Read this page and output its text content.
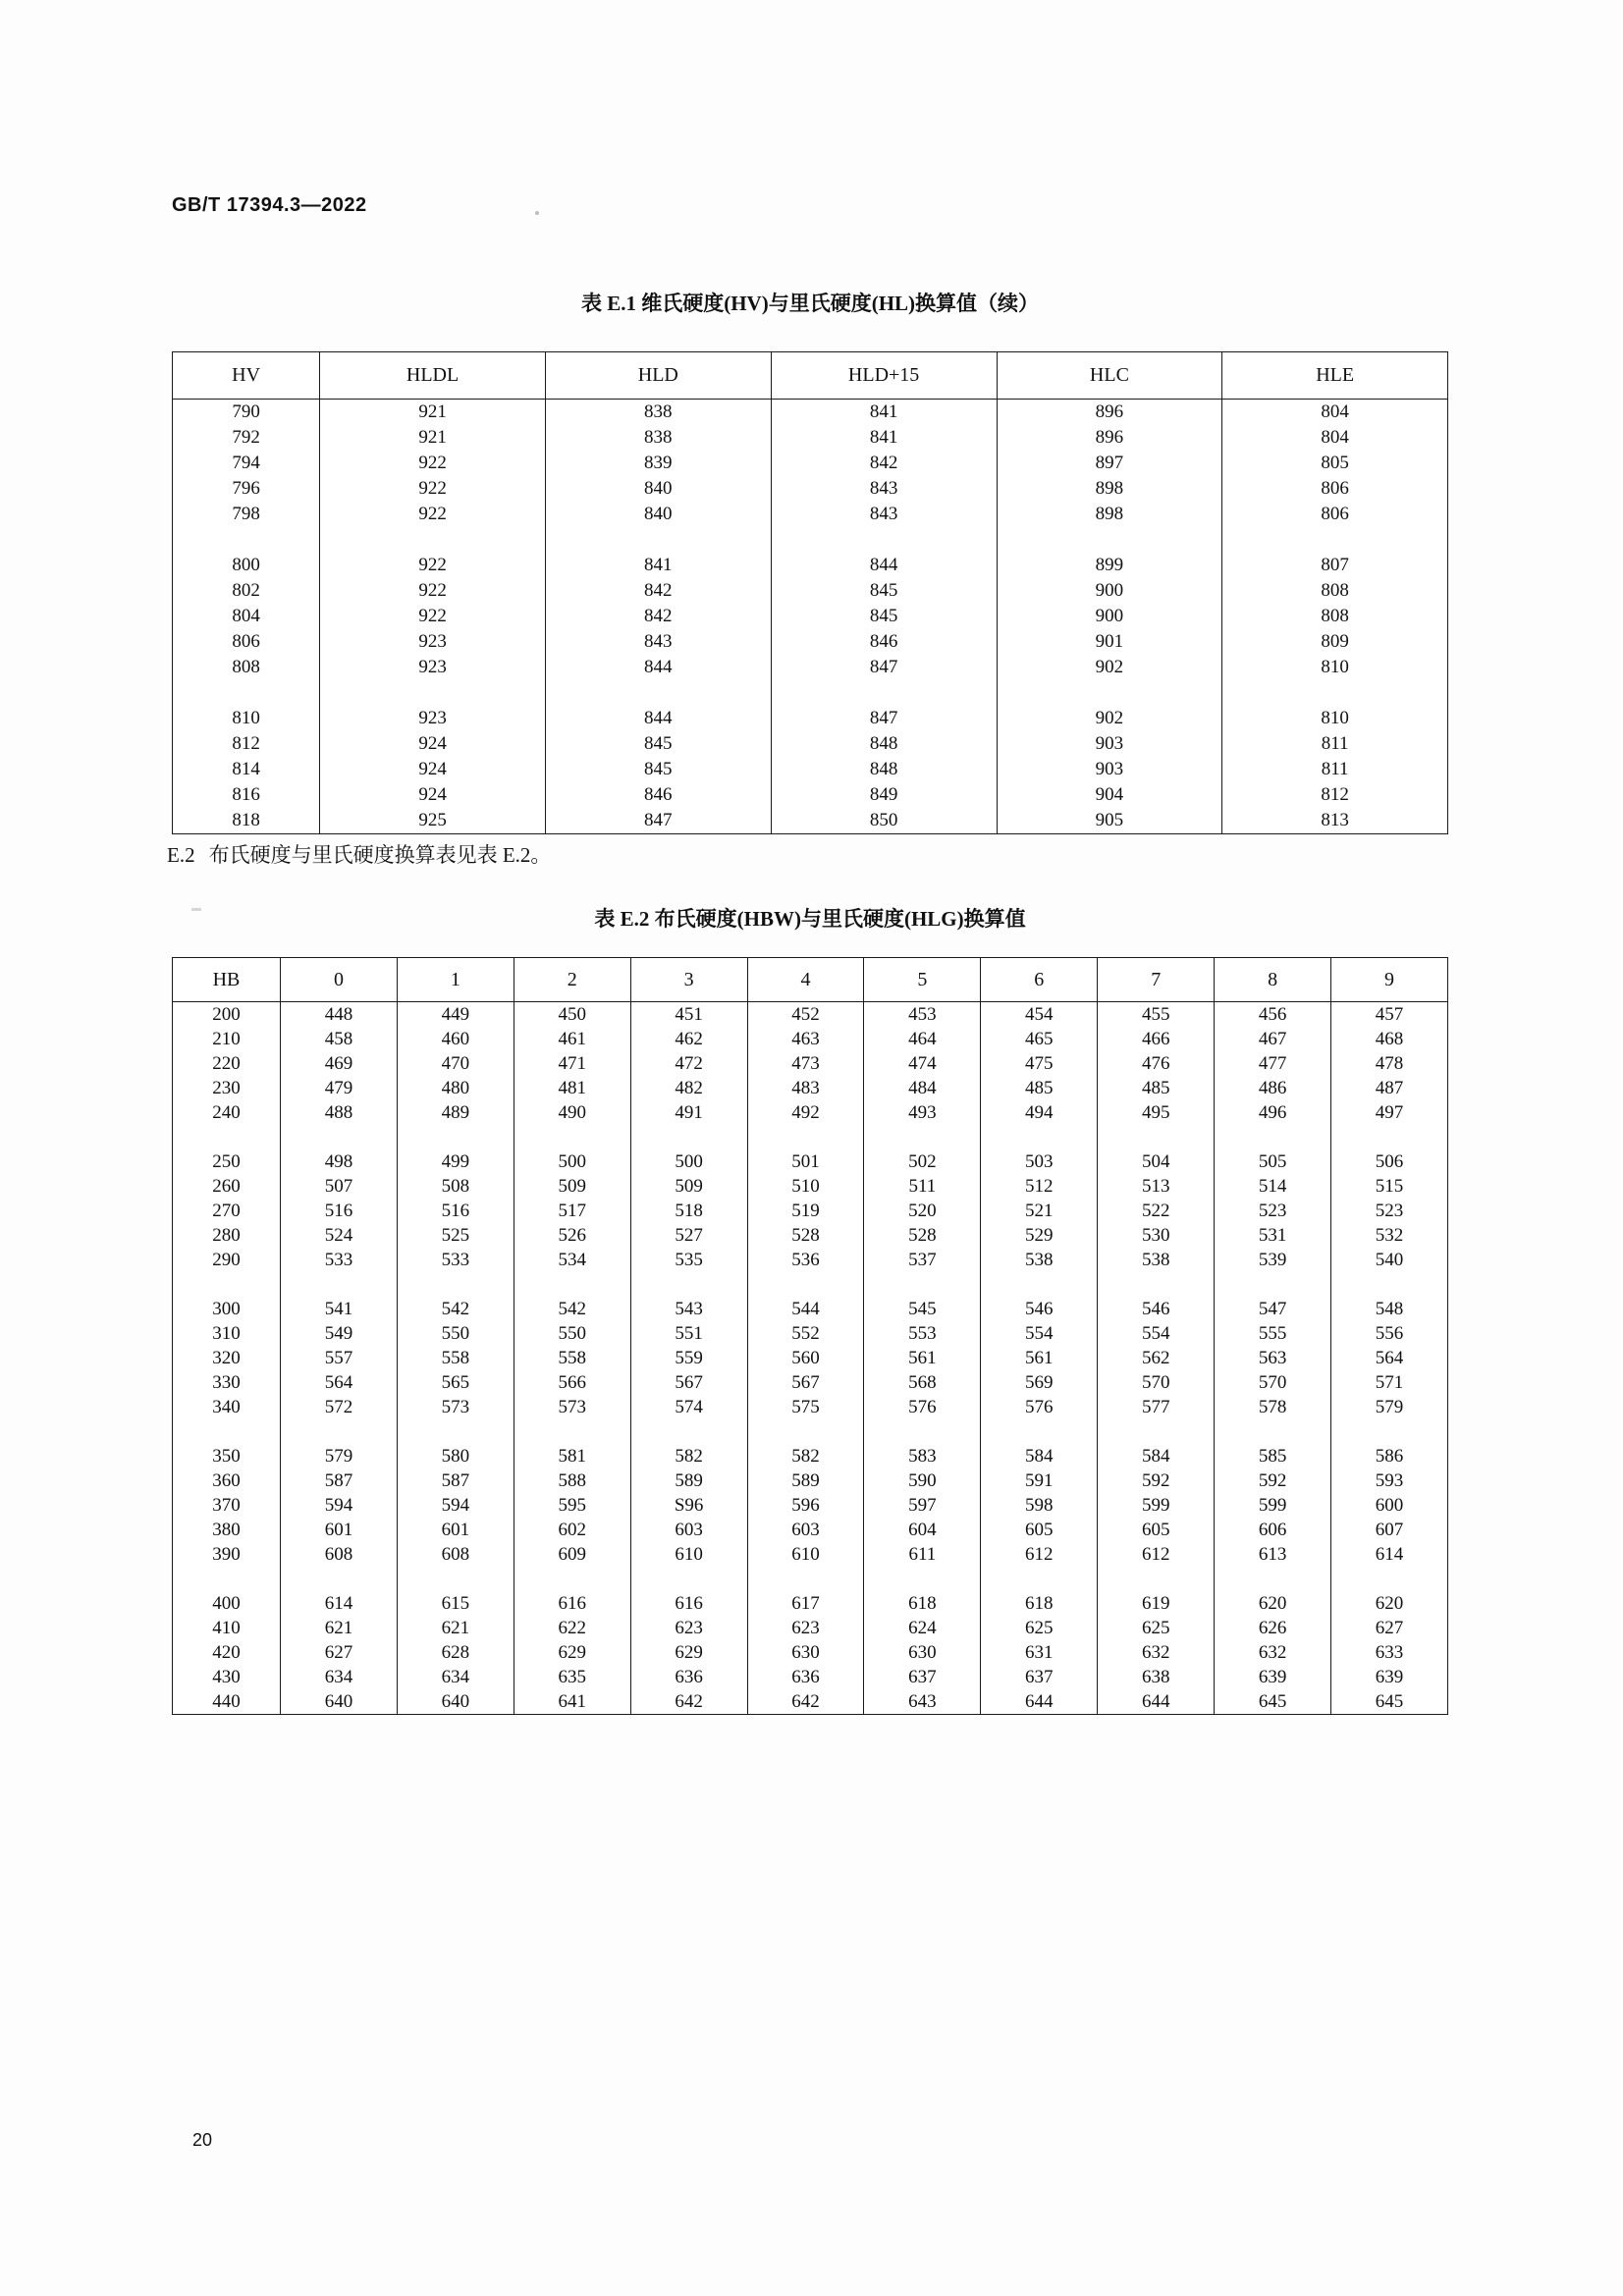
GB/T 17394.3—2022
表 E.1 维氏硬度(HV)与里氏硬度(HL)换算值（续）
HV	HLDL	HLD	HLD+15	HLC	HLE
790	921	838	841	896	804
792	921	838	841	896	804
794	922	839	842	897	805
796	922	840	843	898	806
798	922	840	843	898	806

800	922	841	844	899	807
802	922	842	845	900	808
804	922	842	845	900	808
806	923	843	846	901	809
808	923	844	847	902	810

810	923	844	847	902	810
812	924	845	848	903	811
814	924	845	848	903	811
816	924	846	849	904	812
818	925	847	850	905	813
E.2 布氏硬度与里氏硬度换算表见表 E.2。
表 E.2 布氏硬度(HBW)与里氏硬度(HLG)换算值
HB	0	1	2	3	4	5	6	7	8	9
200	448	449	450	451	452	453	454	455	456	457
210	458	460	461	462	463	464	465	466	467	468
220	469	470	471	472	473	474	475	476	477	478
230	479	480	481	482	483	484	485	485	486	487
240	488	489	490	491	492	493	494	495	496	497

250	498	499	500	500	501	502	503	504	505	506
260	507	508	509	509	510	511	512	513	514	515
270	516	516	517	518	519	520	521	522	523	523
280	524	525	526	527	528	528	529	530	531	532
290	533	533	534	535	536	537	538	538	539	540

300	541	542	542	543	544	545	546	546	547	548
310	549	550	550	551	552	553	554	554	555	556
320	557	558	558	559	560	561	561	562	563	564
330	564	565	566	567	567	568	569	570	570	571
340	572	573	573	574	575	576	576	577	578	579

350	579	580	581	582	582	583	584	584	585	586
360	587	587	588	589	589	590	591	592	592	593
370	594	594	595	S96	596	597	598	599	599	600
380	601	601	602	603	603	604	605	605	606	607
390	608	608	609	610	610	611	612	612	613	614

400	614	615	616	616	617	618	618	619	620	620
410	621	621	622	623	623	624	625	625	626	627
420	627	628	629	629	630	630	631	632	632	633
430	634	634	635	636	636	637	637	638	639	639
440	640	640	641	642	642	643	644	644	645	645
20
